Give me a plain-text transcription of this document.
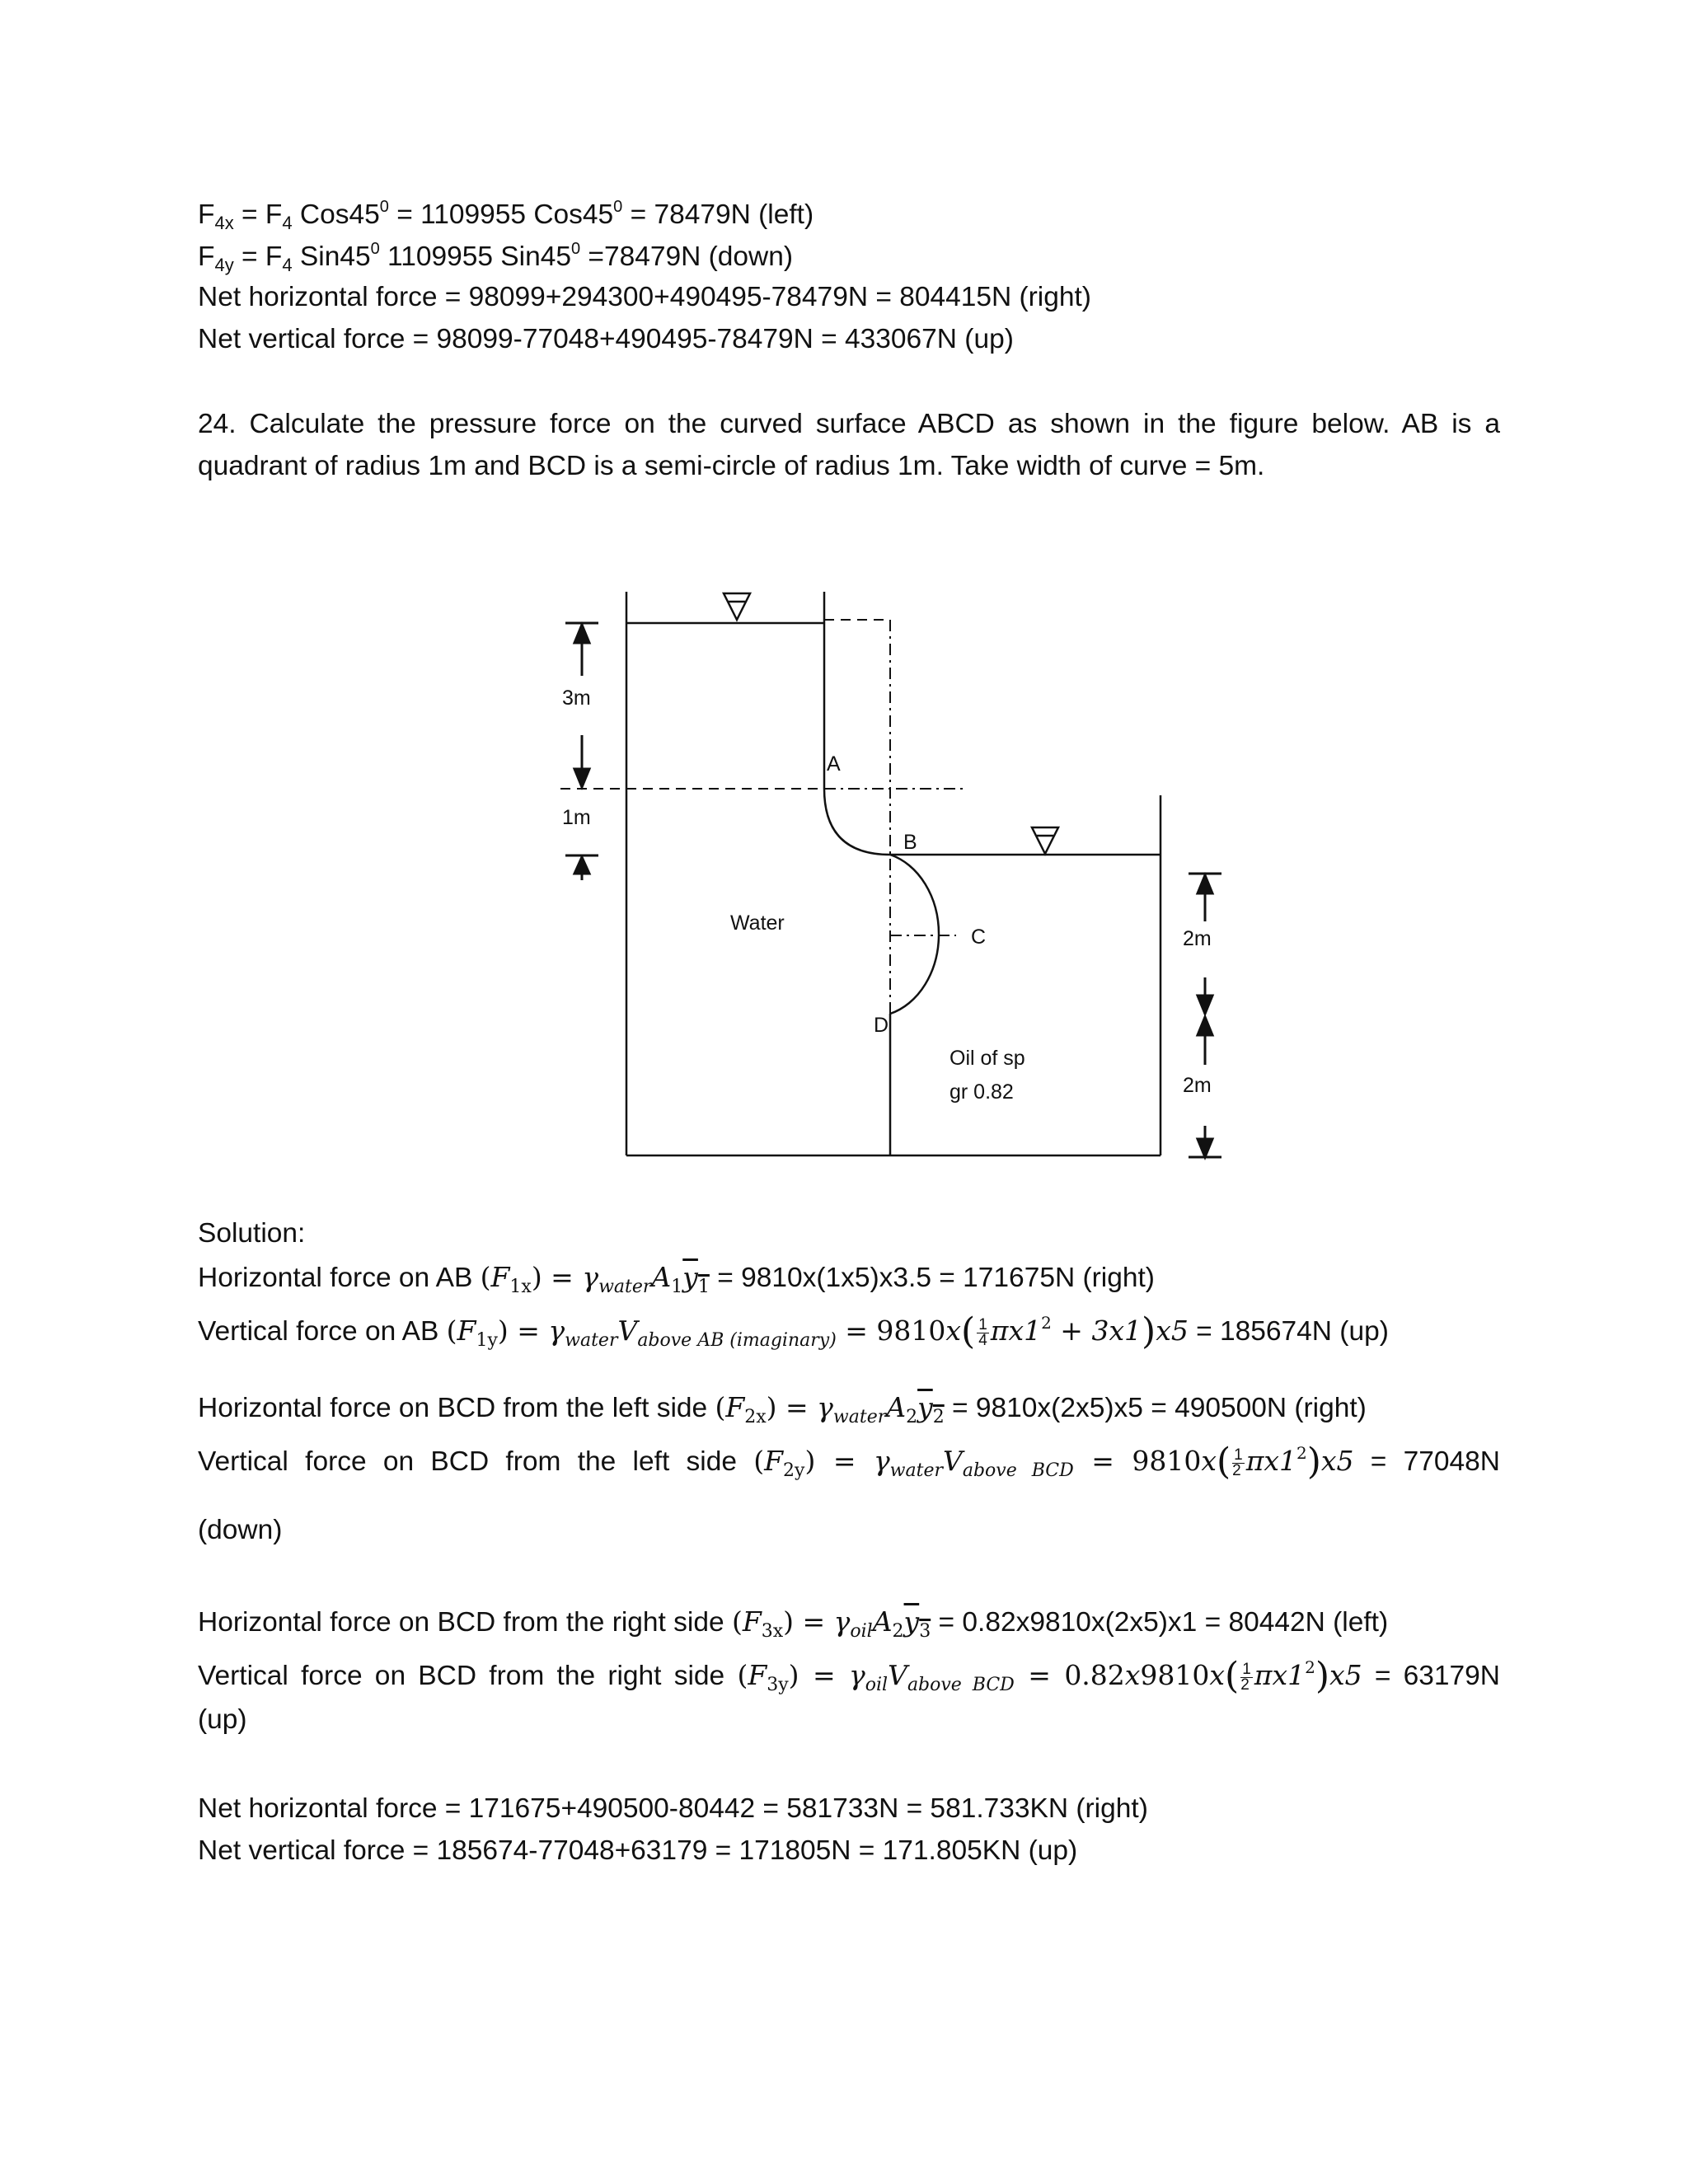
$F_{4x} = F_4$ $Cos45^0 = 1109955$ $Cos45^0 = 78479N$ (left)
$F_{4y} = F_4$ $Sin45^0$ 1109955 $Sin45^0 =78479N$ (down)
Net horizontal force = 98099+294300+490495-78479N = 804415N (right)
Net vertical force = 98099-77048+490495-78479N = 433067N (up)
24. Calculate the pressure force on the curved surface ABCD as shown in the figure below. AB is a
quadrant of radius 1m and BCD is a semi-circle of radius 1m. Take width of curve = 5m.
3m
1m
2m
2m
A
B
C
D
Water
Oil of sp
gr 0.82
Solution:
Horizontal force on AB $(F_{1x}) = \gamma_{water}A_1y_1 = 9810x(1x5)x3.5 = 171675N$ (right)
Vertical force on AB $(F_{1y}) = \gamma_{water}V_{above AB (imaginary)} = 9810x( \frac{1}{4} \pi x1^2 + 3x1)x5 = 185674N$ (up)
Horizontal force on BCD from the left side $(F_{2x}) = \gamma_{water}A_2y_2 = 9810x(2x5)x5 = 490500N$ (right)
Vertical force on BCD from the left side $(F_{2y}) = \gamma_{water}V_{above BCD} = 9810x( \frac{1}{2} \pi x1^2)x5 = 77048N$
(down)
Horizontal force on BCD from the right side $(F_{3x}) = \gamma_{oil}A_2y_3 = 0.82x9810x(2x5)x1 = 80442N$ (left)
Vertical force on BCD from the right side $(F_{3y}) = \gamma_{oil}V_{above BCD} = 0.82x9810x( \frac{1}{2} \pi x1^2)x5 = 63179N$
(up)
Net horizontal force = 171675+490500-80442 = 581733N = 581.733KN (right)
Net vertical force = 185674-77048+63179 = 171805N = 171.805KN (up)
